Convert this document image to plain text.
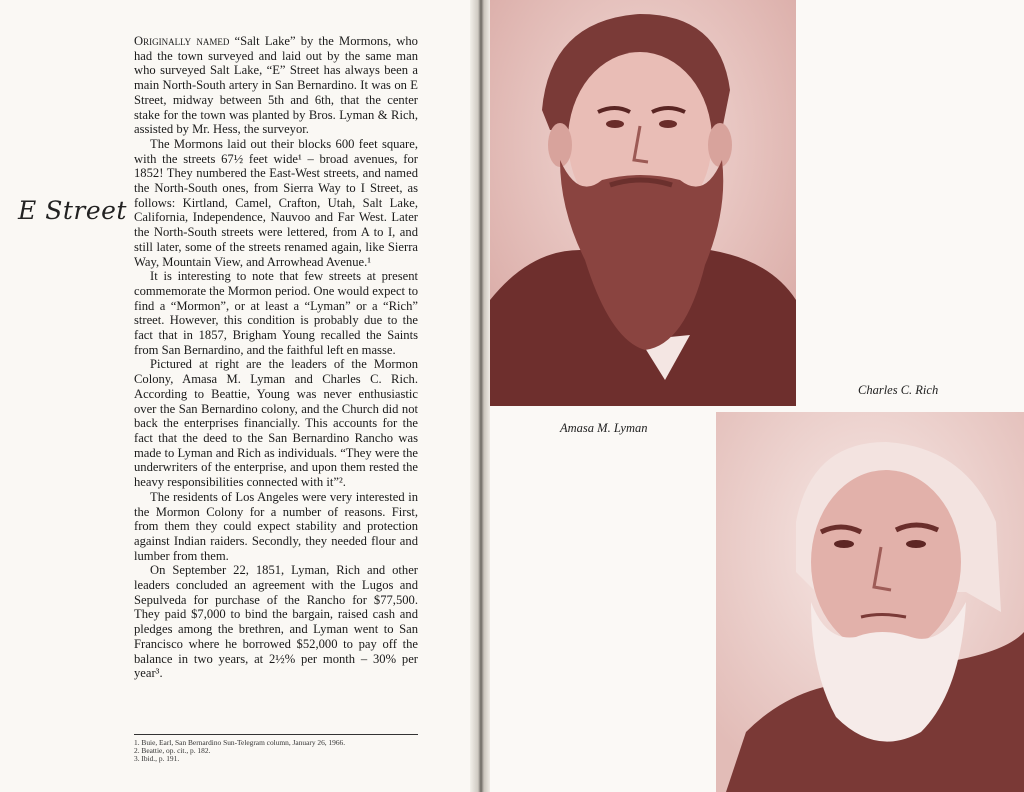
E Street

Originally named “Salt Lake” by the Mormons, who had the town surveyed and laid out by the same man who surveyed Salt Lake, “E” Street has always been a main North-South artery in San Bernardino. It was on E Street, midway between 5th and 6th, that the center stake for the town was planted by Bros. Lyman & Rich, assisted by Mr. Hess, the surveyor.

The Mormons laid out their blocks 600 feet square, with the streets 67½ feet wide¹ – broad avenues, for 1852! They numbered the East-West streets, and named the North-South ones, from Sierra Way to I Street, as follows: Kirtland, Camel, Crafton, Utah, Salt Lake, California, Independence, Nauvoo and Far West. Later the North-South streets were lettered, from A to I, and still later, some of the streets renamed again, like Sierra Way, Mountain View, and Arrowhead Avenue.¹

It is interesting to note that few streets at present commemorate the Mormon period. One would expect to find a “Mormon”, or at least a “Lyman” or a “Rich” street. However, this condition is probably due to the fact that in 1857, Brigham Young recalled the Saints from San Bernardino, and the faithful left en masse.

Pictured at right are the leaders of the Mormon Colony, Amasa M. Lyman and Charles C. Rich. According to Beattie, Young was never enthusiastic over the San Bernardino colony, and the Church did not back the enterprises financially. This accounts for the fact that the deed to the San Bernardino Rancho was made to Lyman and Rich as individuals. “They were the underwriters of the enterprise, and upon them rested the heavy responsibilities connected with it”².

The residents of Los Angeles were very interested in the Mormon Colony for a number of reasons. First, from them they could expect stability and protection against Indian raiders. Secondly, they needed flour and lumber from them.

On September 22, 1851, Lyman, Rich and other leaders concluded an agreement with the Lugos and Sepulveda for purchase of the Rancho for $77,500. They paid $7,000 to bind the bargain, raised cash and pledges among the brethren, and Lyman went to San Francisco where he borrowed $52,000 to pay off the balance in two years, at 2½% per month – 30% per year³.

1. Buie, Earl, San Bernardino Sun-Telegram column, January 26, 1966.
2. Beattie, op. cit., p. 182.
3. Ibid., p. 191.
Charles C. Rich
Amasa M. Lyman
